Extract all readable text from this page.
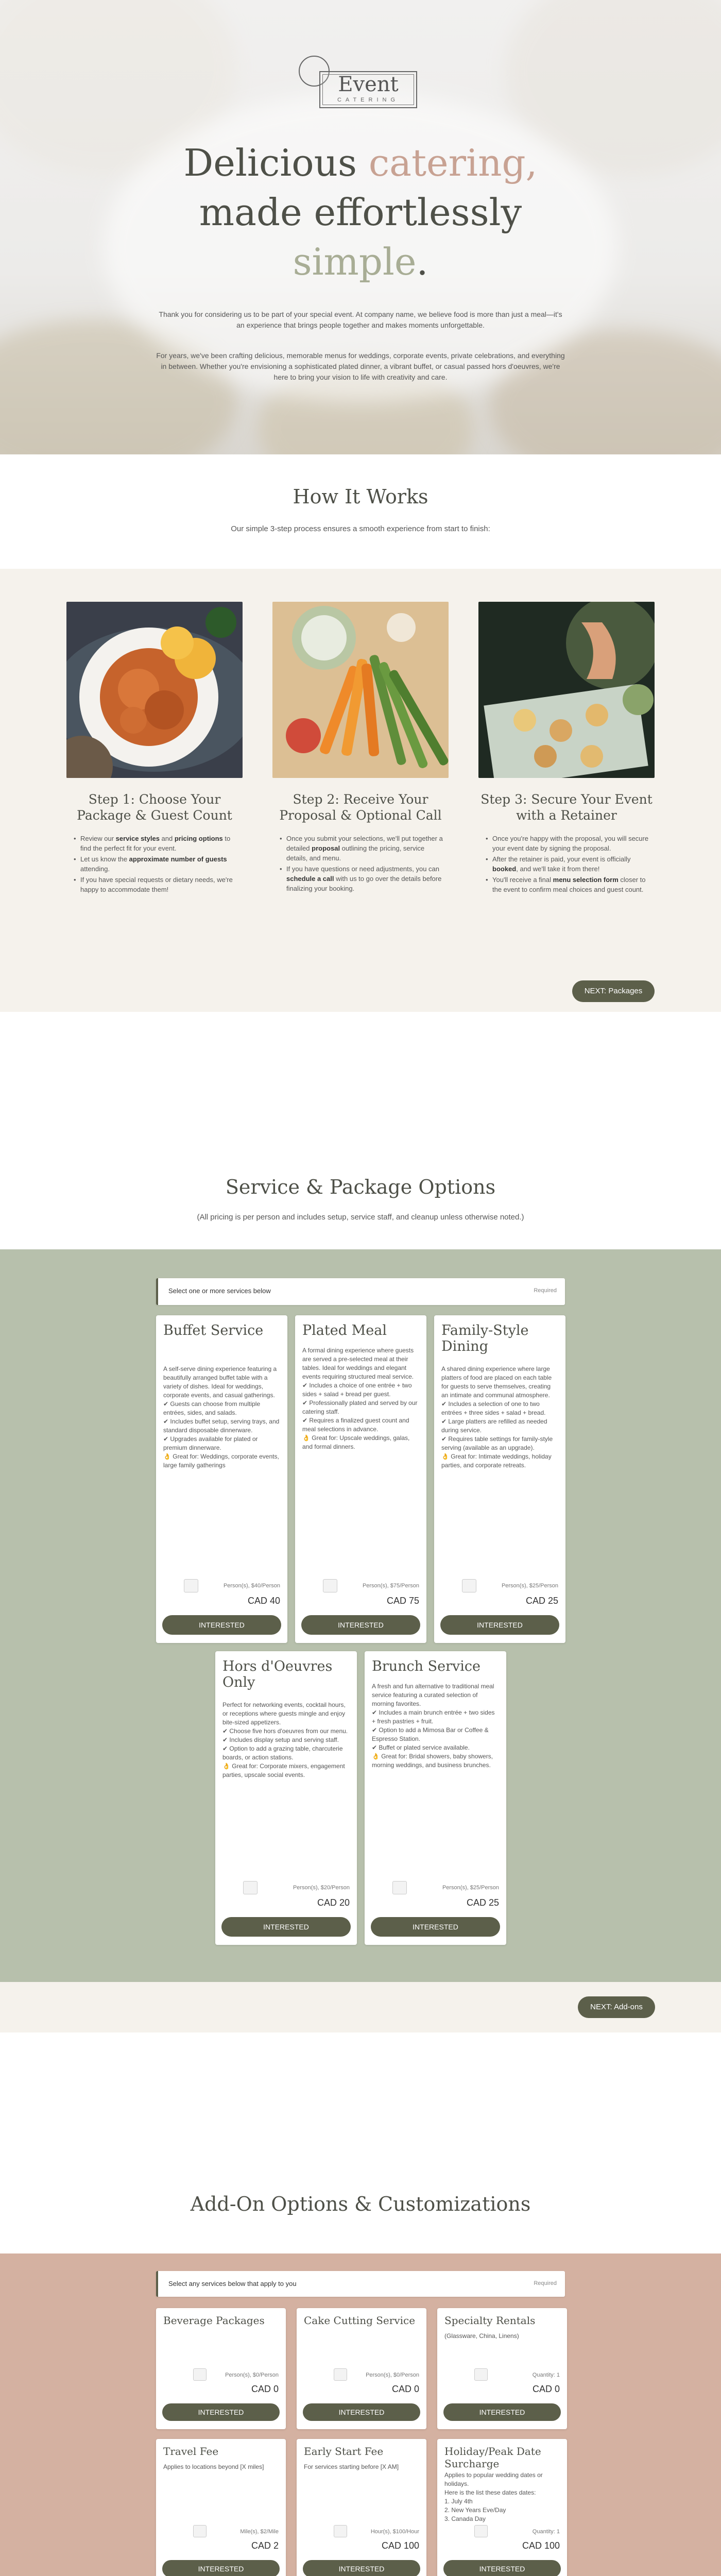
Event
CATERING
Delicious catering,
made effortlessly
simple.

Thank you for considering us to be part of your special event. At company name, we believe food is more than just a meal—it's an experience that brings people together and makes moments unforgettable.

For years, we've been crafting delicious, memorable menus for weddings, corporate events, private celebrations, and everything in between. Whether you're envisioning a sophisticated plated dinner, a vibrant buffet, or casual passed hors d'oeuvres, we're here to bring your vision to life with creativity and care.

How It Works
Our simple 3-step process ensures a smooth experience from start to finish:
Step 1: Choose Your Package & Guest Count
Step 2: Receive Your Proposal & Optional Call
Step 3: Secure Your Event with a Retainer
• Review our service styles and pricing options to find the perfect fit for your event.
• Let us know the approximate number of guests attending.
• If you have special requests or dietary needs, we're happy to accommodate them!
• Once you submit your selections, we'll put together a detailed proposal outlining the pricing, service details, and menu.
• If you have questions or need adjustments, you can schedule a call with us to go over the details before finalizing your booking.
• Once you're happy with the proposal, you will secure your event date by signing the proposal.
• After the retainer is paid, your event is officially booked, and we'll take it from there!
• You'll receive a final menu selection form closer to the event to confirm meal choices and guest count.
NEXT: Packages
Service & Package Options
(All pricing is per person and includes setup, service staff, and cleanup unless otherwise noted.)
Select one or more services below	Required
Buffet Service
A self-serve dining experience featuring a beautifully arranged buffet table with a variety of dishes. Ideal for weddings, corporate events, and casual gatherings.
✔ Guests can choose from multiple entrées, sides, and salads.
✔ Includes buffet setup, serving trays, and standard disposable dinnerware.
✔ Upgrades available for plated or premium dinnerware.
👌 Great for: Weddings, corporate events, large family gatherings
Person(s), $40/Person
CAD 40
INTERESTED
Plated Meal
A formal dining experience where guests are served a pre-selected meal at their tables. Ideal for weddings and elegant events requiring structured meal service.
✔ Includes a choice of one entrée + two sides + salad + bread per guest.
✔ Professionally plated and served by our catering staff.
✔ Requires a finalized guest count and meal selections in advance.
👌 Great for: Upscale weddings, galas, and formal dinners.
Person(s), $75/Person
CAD 75
INTERESTED
Family-Style Dining
A shared dining experience where large platters of food are placed on each table for guests to serve themselves, creating an intimate and communal atmosphere.
✔ Includes a selection of one to two entrées + three sides + salad + bread.
✔ Large platters are refilled as needed during service.
✔ Requires table settings for family-style serving (available as an upgrade).
👌 Great for: Intimate weddings, holiday parties, and corporate retreats.
Person(s), $25/Person
CAD 25
INTERESTED
Hors d'Oeuvres Only
Perfect for networking events, cocktail hours, or receptions where guests mingle and enjoy bite-sized appetizers.
✔ Choose five hors d'oeuvres from our menu.
✔ Includes display setup and serving staff.
✔ Option to add a grazing table, charcuterie boards, or action stations.
👌 Great for: Corporate mixers, engagement parties, upscale social events.
Person(s), $20/Person
CAD 20
INTERESTED
Brunch Service
A fresh and fun alternative to traditional meal service featuring a curated selection of morning favorites.
✔ Includes a main brunch entrée + two sides + fresh pastries + fruit.
✔ Option to add a Mimosa Bar or Coffee & Espresso Station.
✔ Buffet or plated service available.
👌 Great for: Bridal showers, baby showers, morning weddings, and business brunches.
Person(s), $25/Person
CAD 25
INTERESTED
NEXT: Add-ons
Add-On Options & Customizations
Select any services below that apply to you	Required
Beverage Packages
Person(s), $0/Person
CAD 0
INTERESTED
Cake Cutting Service
Person(s), $0/Person
CAD 0
INTERESTED
Specialty Rentals
(Glassware, China, Linens)
Quantity: 1
CAD 0
INTERESTED
Travel Fee
Applies to locations beyond [X miles]
Mile(s), $2/Mile
CAD 2
INTERESTED
Early Start Fee
For services starting before [X AM]
Hour(s), $100/Hour
CAD 100
INTERESTED
Holiday/Peak Date Surcharge
Applies to popular wedding dates or holidays.
Here is the list these dates dates:
1. July 4th
2. New Years Eve/Day
3. Canada Day
Quantity: 1
CAD 100
INTERESTED
